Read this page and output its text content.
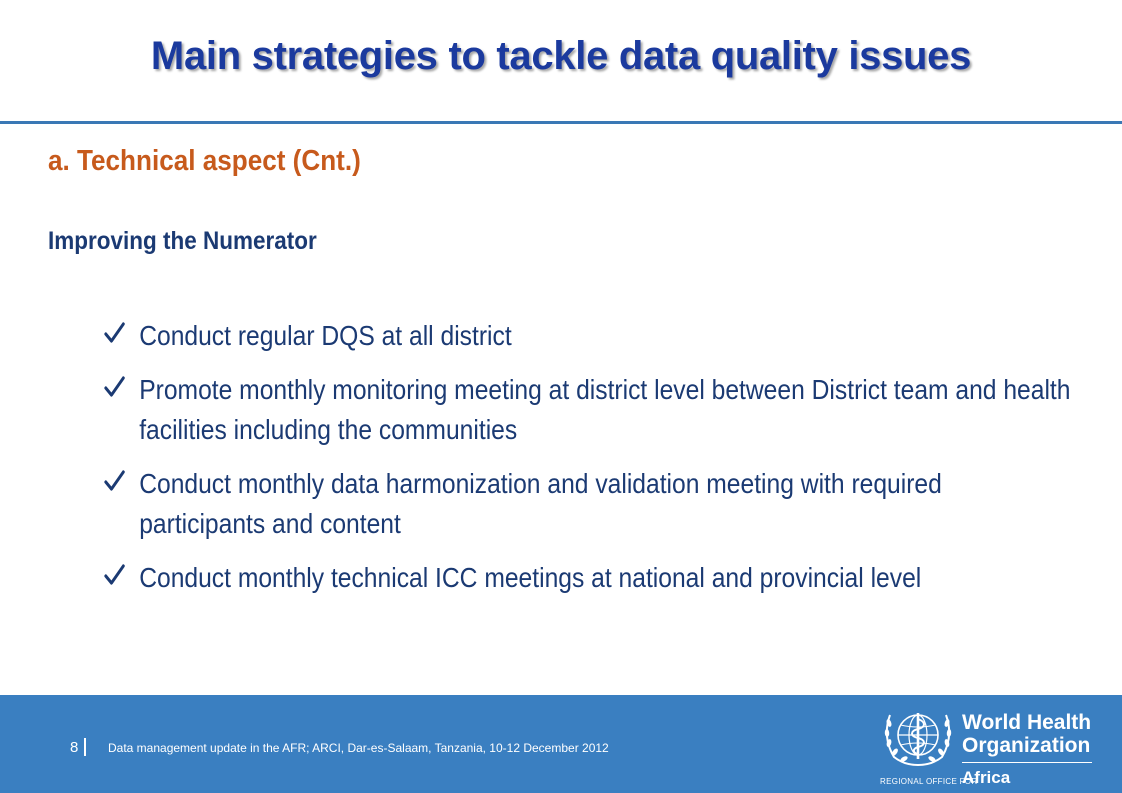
Main strategies to tackle data quality issues
a. Technical aspect (Cnt.)
Improving the Numerator
Conduct regular DQS at all district
Promote monthly monitoring meeting at district level between District team and health facilities including the communities
Conduct monthly data harmonization and validation meeting with required participants and content
Conduct monthly technical ICC meetings at national and provincial level
8 Data management update in the AFR; ARCI, Dar-es-Salaam, Tanzania, 10-12 December 2012
World Health
Organization
REGIONAL OFFICE FOR
Africa
